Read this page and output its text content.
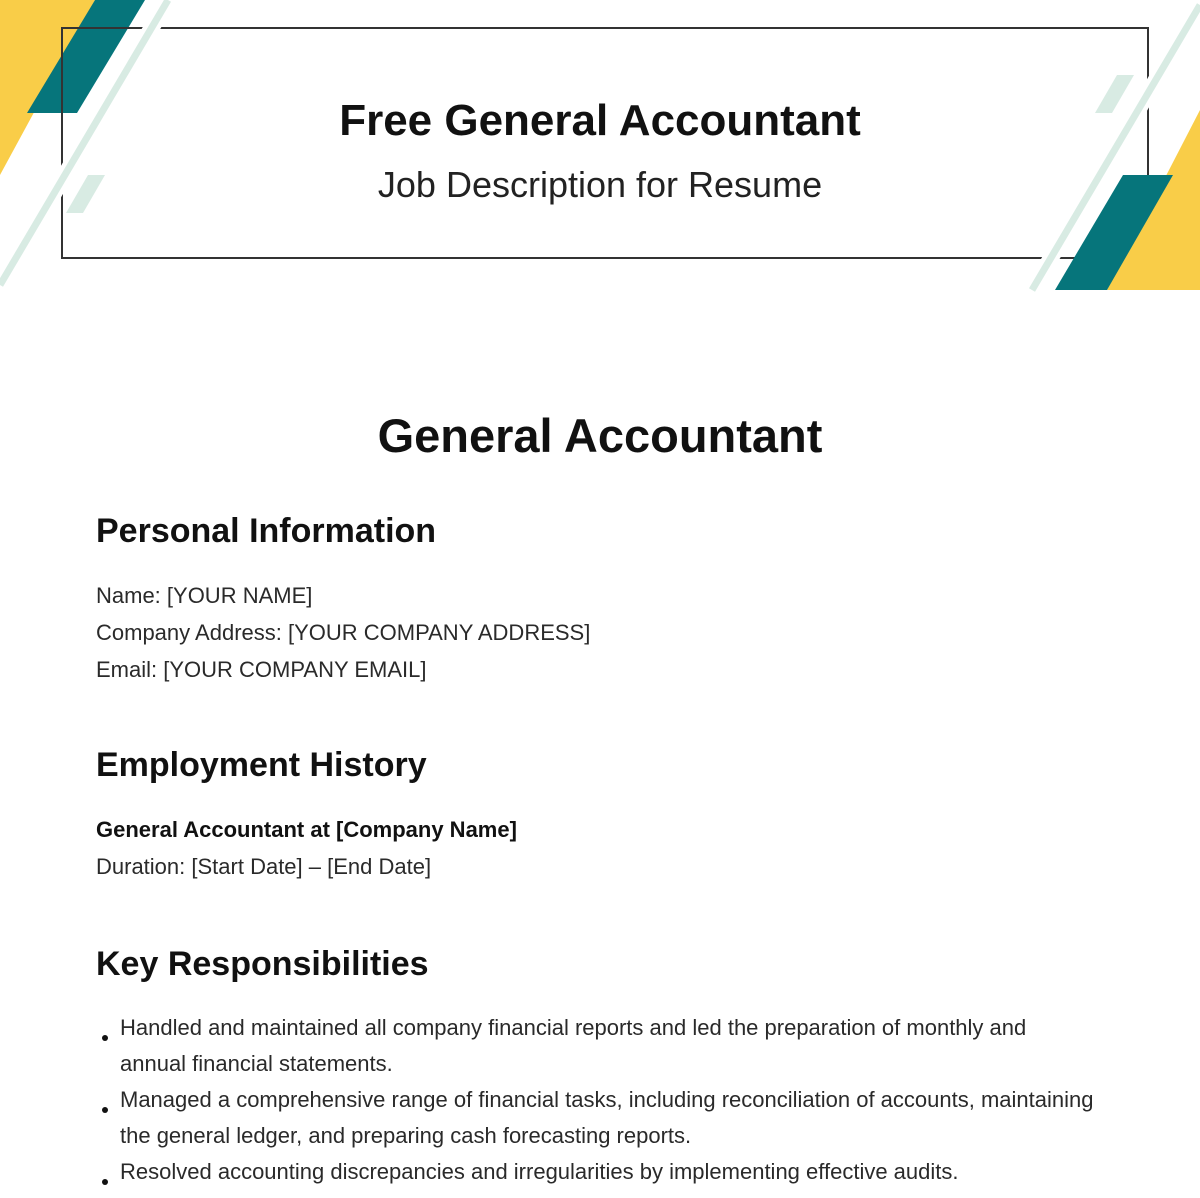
Free General Accountant
Job Description for Resume
General Accountant
Personal Information
Name: [YOUR NAME]
Company Address: [YOUR COMPANY ADDRESS]
Email: [YOUR COMPANY EMAIL]
Employment History
General Accountant at [Company Name]
Duration: [Start Date] – [End Date]
Key Responsibilities
Handled and maintained all company financial reports and led the preparation of monthly and annual financial statements.
Managed a comprehensive range of financial tasks, including reconciliation of accounts, maintaining the general ledger, and preparing cash forecasting reports.
Resolved accounting discrepancies and irregularities by implementing effective audits.
